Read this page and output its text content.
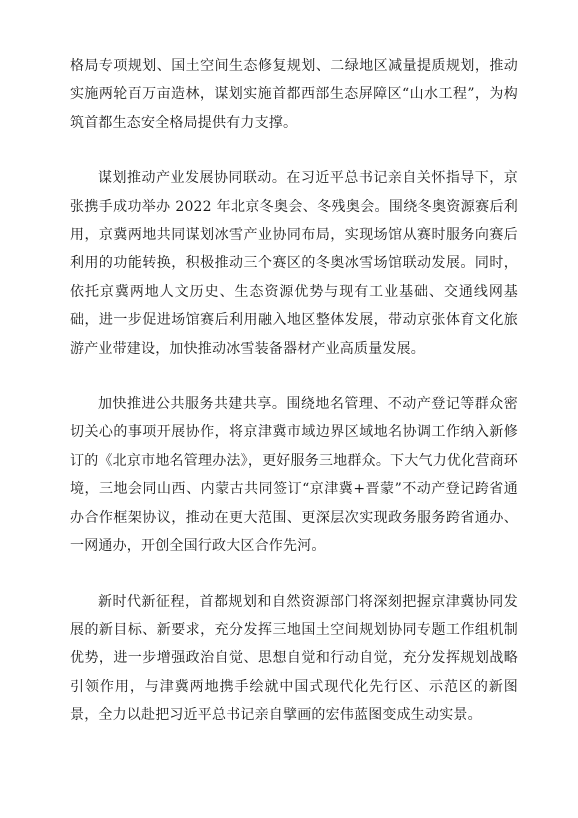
格局专项规划、国土空间生态修复规划、二绿地区减量提质规划，推动实施两轮百万亩造林，谋划实施首都西部生态屏障区“山水工程”，为构筑首都生态安全格局提供有力支撑。

谋划推动产业发展协同联动。在习近平总书记亲自关怀指导下，京张携手成功举办 2022 年北京冬奥会、冬残奥会。围绕冬奥资源赛后利用，京冀两地共同谋划冰雪产业协同布局，实现场馆从赛时服务向赛后利用的功能转换，积极推动三个赛区的冬奥冰雪场馆联动发展。同时，依托京冀两地人文历史、生态资源优势与现有工业基础、交通线网基础，进一步促进场馆赛后利用融入地区整体发展，带动京张体育文化旅游产业带建设，加快推动冰雪装备器材产业高质量发展。

加快推进公共服务共建共享。围绕地名管理、不动产登记等群众密切关心的事项开展协作，将京津冀市域边界区域地名协调工作纳入新修订的《北京市地名管理办法》，更好服务三地群众。下大气力优化营商环境，三地会同山西、内蒙古共同签订“京津冀+晋蒙”不动产登记跨省通办合作框架协议，推动在更大范围、更深层次实现政务服务跨省通办、一网通办，开创全国行政大区合作先河。

新时代新征程，首都规划和自然资源部门将深刻把握京津冀协同发展的新目标、新要求，充分发挥三地国土空间规划协同专题工作组机制优势，进一步增强政治自觉、思想自觉和行动自觉，充分发挥规划战略引领作用，与津冀两地携手绘就中国式现代化先行区、示范区的新图景，全力以赴把习近平总书记亲自擘画的宏伟蓝图变成生动实景。
